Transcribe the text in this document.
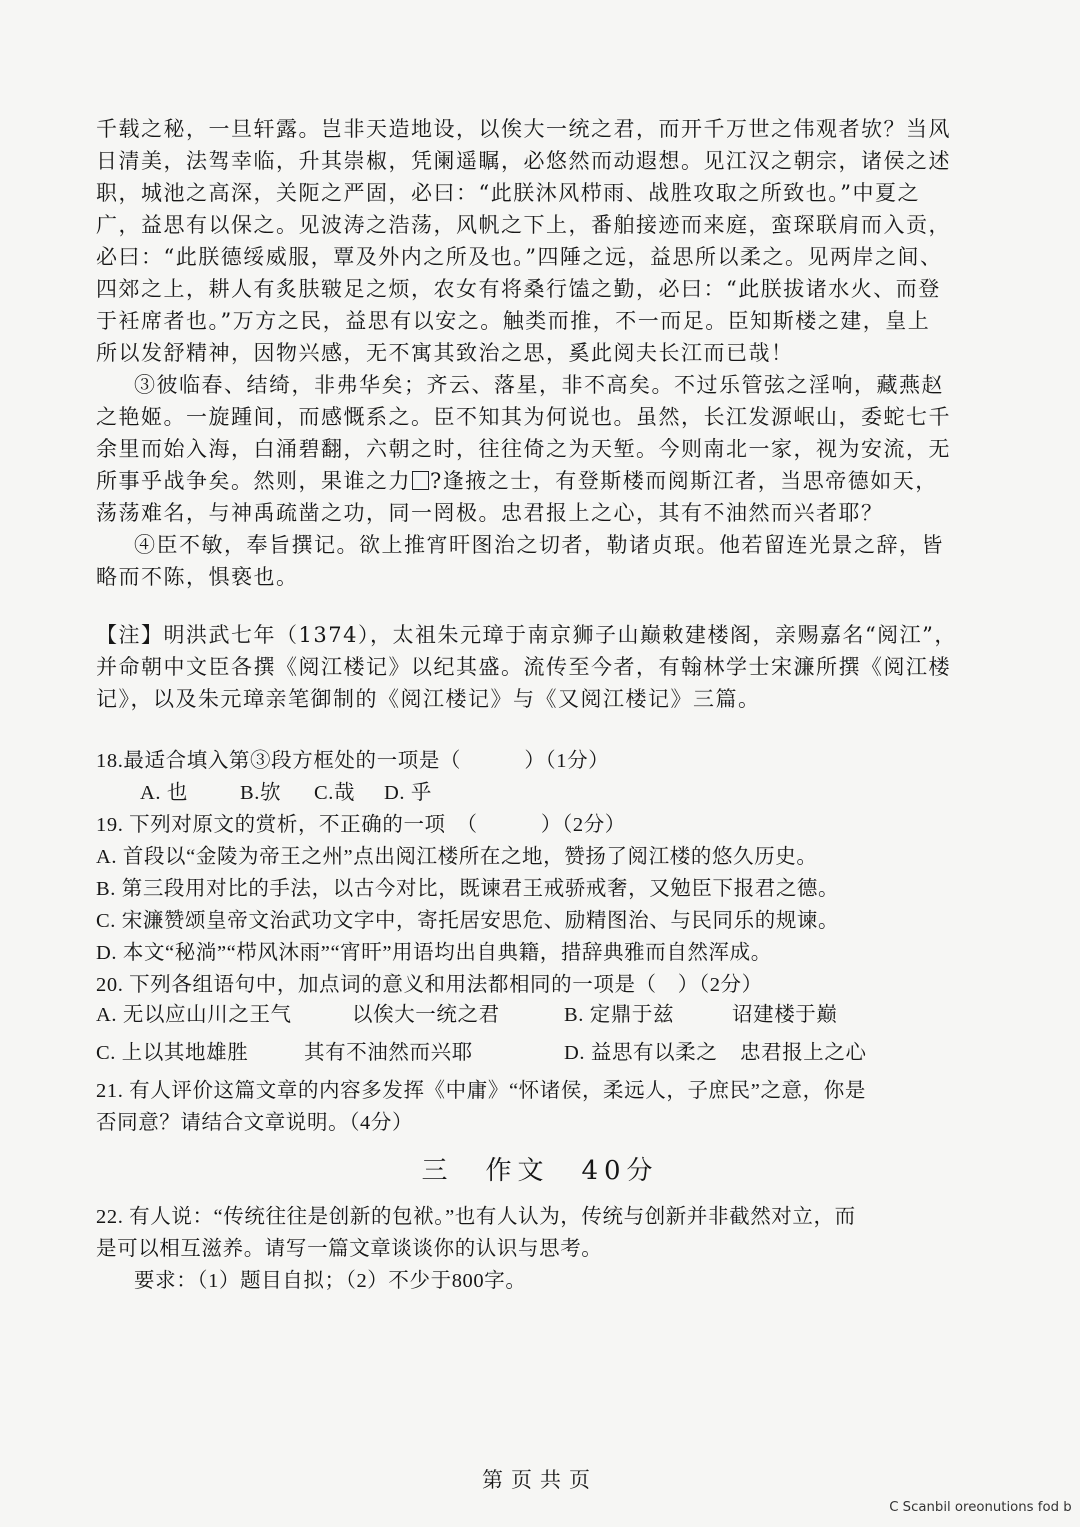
千载之秘，一旦轩露。岂非天造地设，以俟大一统之君，而开千万世之伟观者欤？当风
日清美，法驾幸临，升其崇椒，凭阑遥瞩，必悠然而动遐想。见江汉之朝宗，诸侯之述
职，城池之高深，关阨之严固，必曰：“此朕沐风栉雨、战胜攻取之所致也。”中夏之
广，益思有以保之。见波涛之浩荡，风帆之下上，番舶接迹而来庭，蛮琛联肩而入贡，
必曰：“此朕德绥威服，覃及外内之所及也。”四陲之远，益思所以柔之。见两岸之间、
四郊之上，耕人有炙肤皲足之烦，农女有将桑行馌之勤，必曰：“此朕拔诸水火、而登
于衽席者也。”万方之民，益思有以安之。触类而推，不一而足。臣知斯楼之建，皇上
所以发舒精神，因物兴感，无不寓其致治之思，奚此阅夫长江而已哉！
③彼临春、结绮，非弗华矣；齐云、落星，非不高矣。不过乐管弦之淫响，藏燕赵
之艳姬。一旋踵间，而感慨系之。臣不知其为何说也。虽然，长江发源岷山，委蛇七千
余里而始入海，白涌碧翻，六朝之时，往往倚之为天堑。今则南北一家，视为安流，无
所事乎战争矣。然则，果谁之力 ?逢掖之士，有登斯楼而阅斯江者，当思帝德如天，
荡荡难名，与神禹疏凿之功，同一罔极。忠君报上之心，其有不油然而兴者耶？
④臣不敏，奉旨撰记。欲上推宵旰图治之切者，勒诸贞珉。他若留连光景之辞，皆
略而不陈，惧亵也。
【注】明洪武七年（1374），太祖朱元璋于南京狮子山巅敕建楼阁，亲赐嘉名“阅江”，
并命朝中文臣各撰《阅江楼记》以纪其盛。流传至今者，有翰林学士宋濂所撰《阅江楼
记》，以及朱元璋亲笔御制的《阅江楼记》与《又阅江楼记》三篇。
18.最适合填入第③段方框处的一项是（　　　）（1分）
A. 也	B.欤 C.哉 D. 乎
19. 下列对原文的赏析，不正确的一项　（　　　）（2分）
A. 首段以“金陵为帝王之州”点出阅江楼所在之地，赞扬了阅江楼的悠久历史。
B. 第三段用对比的手法，以古今对比，既谏君王戒骄戒奢，又勉臣下报君之德。
C. 宋濂赞颂皇帝文治武功文字中，寄托居安思危、励精图治、与民同乐的规谏。
D. 本文“秘淌”“栉风沐雨”“宵旰”用语均出自典籍，措辞典雅而自然浑成。
20. 下列各组语句中，加点词的意义和用法都相同的一项是（　）（2分）
A. 无以应山川之王气	以俟大一统之君	B. 定鼎于兹	诏建楼于巅
C. 上以其地雄胜	其有不油然而兴耶	D. 益思有以柔之 忠君报上之心
21. 有人评价这篇文章的内容多发挥《中庸》“怀诸侯，柔远人，子庶民”之意，你是
否同意？请结合文章说明。（4分）
三　作文　40分
22. 有人说：“传统往往是创新的包袱。”也有人认为，传统与创新并非截然对立，而
是可以相互滋养。请写一篇文章谈谈你的认识与思考。
要求：（1）题目自拟；（2）不少于800字。
第页共页
C Scanbil oreonutions fod b
